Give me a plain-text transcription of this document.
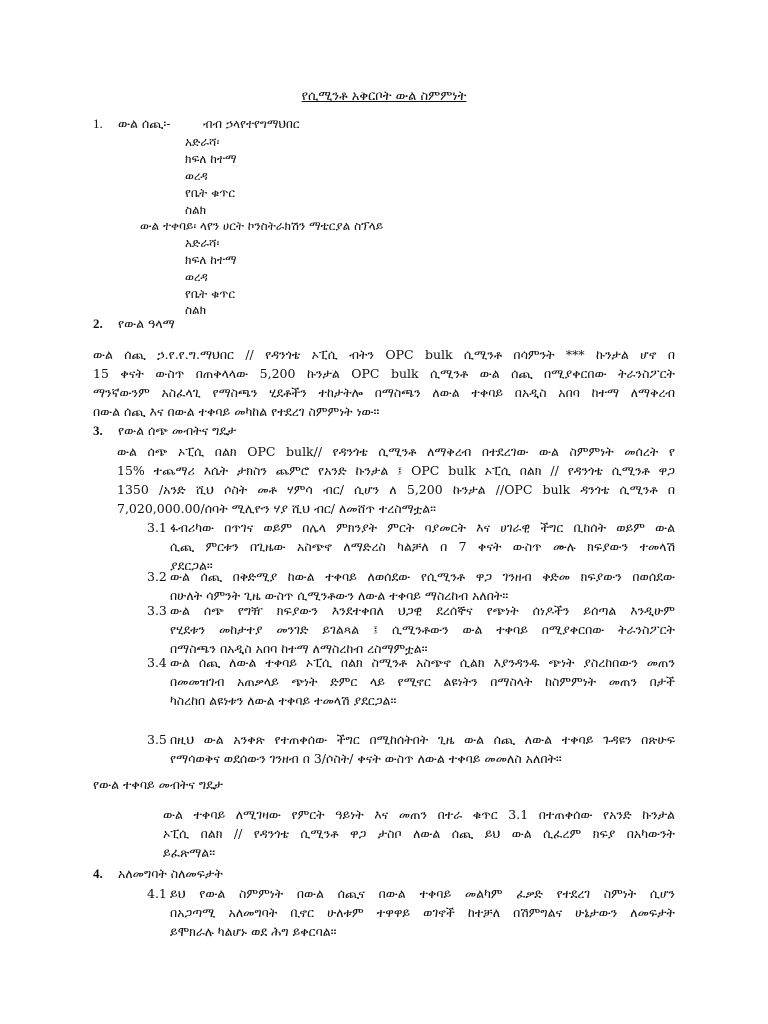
የሲሚንቶ አቅርቦት ውል ስምምነት
1. ውል ሰጪ፡-	ብብ ኃላየተየግማህበር
አድራሻ፡
ክፍለ ከተማ
ወረዳ
የቤት ቁጥር
ስልክ
ውል ተቀባይ፡ ላየን ሀርት ኮንስትራክሽን ማቴርያል ስፕላይ
አድራሻ፡
ክፍለ ከተማ
ወረዳ
የቤት ቁጥር
ስልክ
2. የውል ዓላማ
ውል ሰጪ ኃ.የ.የ.ግ.ማህበር // የዳንጎቴ ኦፒሲ ብትን OPC bulk ሲሚንቶ በሳምንት *** ኩንታል ሆኖ በ
15 ቀናት ውስጥ በጠቅላላው 5,200 ኩንታል OPC bulk ሲሚንቶ ውል ሰጪ በሚያቀርበው ትራንስፖርት
ማንኛውንም አስፈላጊ የማስጫን ሂደቶችን ተከታትሎ በማስጫን ለውል ተቀባይ በአዲስ አበባ ከተማ ለማቅረብ
በውል ሰጪ እና በውል ተቀባይ መካከል የተደረገ ስምምነት ነው።
3. የውል ሰጭ መብትና ግዴታ
ውል ሰጭ ኦፒሲ በልክ OPC bulk// የዳንጎቴ ሲሚንቶ ለማቅረብ በተደረገው ውል ስምምነት መሰረት የ
15% ተጨማሪ እሴት ታክስን ጨምሮ የአንድ ኩንታል ፤ OPC bulk ኦፒሲ በልክ // የዳንጎቴ ሲሚንቶ ዋጋ
1350 /አንድ ሺህ ሶስት መቶ ሃምሳ ብር/ ሲሆን ለ 5,200 ኩንታል //OPC bulk ዳንጎቴ ሲሚንቶ በ
7,020,000.00/ሰባት ሚሊዮን ሃያ ሺህ ብር/ ለመሸጥ ተረስማቷል።
3.1 ፋብሪካው በጥገና ወይም በሌላ ምክንያት ምርት ባያመርት እና ሀገራዊ ችግር ቢከሰት ወይም ውል
ሲጪ ምርቱን በጊዜው አስጭኖ ለማድረስ ካልቻለ በ 7 ቀናት ውስጥ ሙሉ ክፍያውን ተመላሽ
ያደርጋል።
3.2 ውል ሰጪ በቅድሚያ ከውል ተቀባይ ለወሰደው የሲሚንቶ ዋጋ ገንዘብ ቅድመ ክፍያውን በወሰደው
በሁለት ሳምንት ጊዜ ውስጥ ሲሚንቶውን ለውል ተቀባይ ማስረከብ አለበት።
3.3 ውል ሰጭ የግዥ ክፍያውን እንደተቀበለ ህጋዊ ደረሰኞና የጭነት ሰነዶችን ይሰጣል እንዲሁም
የሂደቱን መከታተያ መንገድ ይገልጻል ፤ ሲሚንቶውን ውል ተቀባይ በሚያቀርበው ትራንስፖርት
በማስጫን በአዲስ አበባ ከተማ ለማስረከብ ረስማምቷል።
3.4 ውል ሰጪ ለውል ተቀባይ ኦፒሲ በልክ ስሚንቶ አስጭኖ ሲልክ እያንዳንዱ ጭነት ያስረከበውን መጠን
በመመዝገብ አጠቃላይ ጭነት ድምር ላይ የሚኖር ልዩነትን በማስላት ከስምምነት መጠን በታች
ካስረከበ ልዩነቱን ለውል ተቀባይ ተመላሽ ያደርጋል።
3.5 በዚህ ውል አንቀጽ የተጠቀሰው ችግር በሚከሰትበት ጊዜ ውል ሰጪ ለውል ተቀባይ ጉዳዩን በጽሁፍ
የማሳወቅና ወደሰውን ገንዘብ በ 3/ሶስት/ ቀናት ውስጥ ለውል ተቀባይ መመለስ አለበት።
የውል ተቀባይ መብትና ግዴታ
ውል ተቀባይ ለሚገዛው የምርት ዓይነት እና መጠን በተራ ቁጥር 3.1 በተጠቀሰው የአንድ ኩንታል
ኦፒሲ በልክ // የዳንጎቴ ሲሚንቶ ዋጋ ታስቦ ለውል ሰጪ ይህ ውል ሲፈረም ክፍያ በአካውንት
ይፈጽማል።
4. አለመግባት ስለመፍታት
4.1 ይህ የውል ስምምነት በውል ሰጪና በውል ተቀባይ መልካም ፈቃድ የተደረገ ስምነት ሲሆን
በአጋጣሚ አለመግባት ቢኖር ሁለቱም ተዋዋይ ወገኖች ከተቻለ በሽምግልና ሁኔታውን ለመፍታት
ይሞክራሉ ካልሆኑ ወደ ሕግ ይቀርባል።
